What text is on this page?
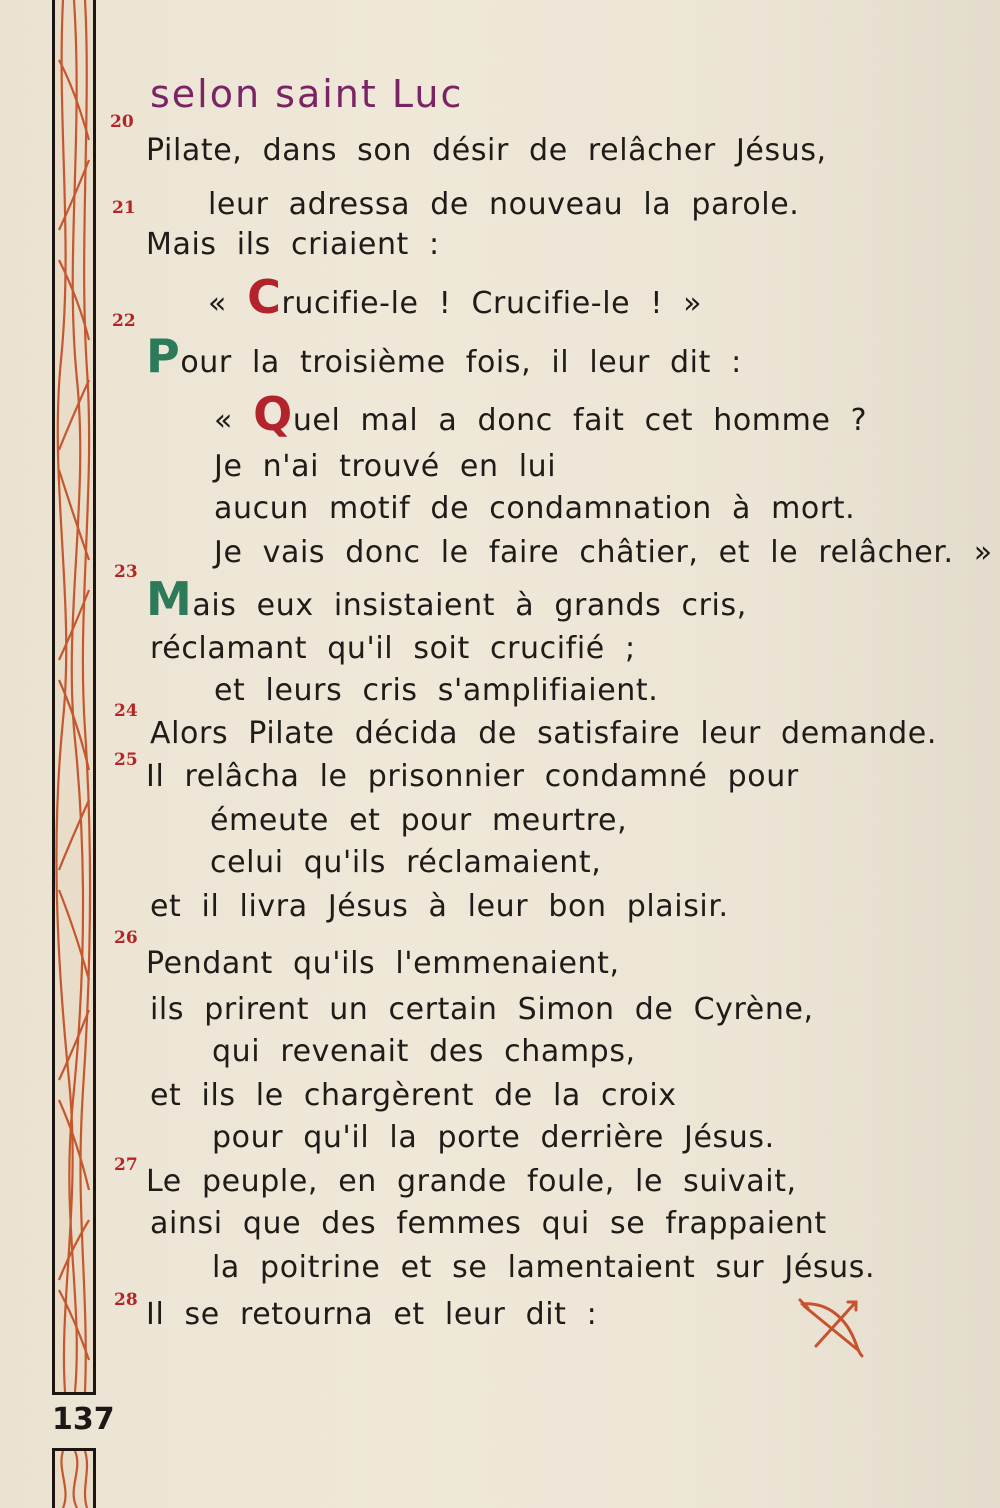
137
selon saint Luc
20
21
22
23
24
25
26
27
28
Pilate, dans son désir de relâcher Jésus,
leur adressa de nouveau la parole.
Mais ils criaient :
« Crucifie-le ! Crucifie-le ! »
Pour la troisième fois, il leur dit :
« Quel mal a donc fait cet homme ?
Je n'ai trouvé en lui
aucun motif de condamnation à mort.
Je vais donc le faire châtier, et le relâcher. »
Mais eux insistaient à grands cris,
réclamant qu'il soit crucifié ;
et leurs cris s'amplifiaient.
Alors Pilate décida de satisfaire leur demande.
Il relâcha le prisonnier condamné pour
émeute et pour meurtre,
celui qu'ils réclamaient,
et il livra Jésus à leur bon plaisir.
Pendant qu'ils l'emmenaient,
ils prirent un certain Simon de Cyrène,
qui revenait des champs,
et ils le chargèrent de la croix
pour qu'il la porte derrière Jésus.
Le peuple, en grande foule, le suivait,
ainsi que des femmes qui se frappaient
la poitrine et se lamentaient sur Jésus.
Il se retourna et leur dit :
